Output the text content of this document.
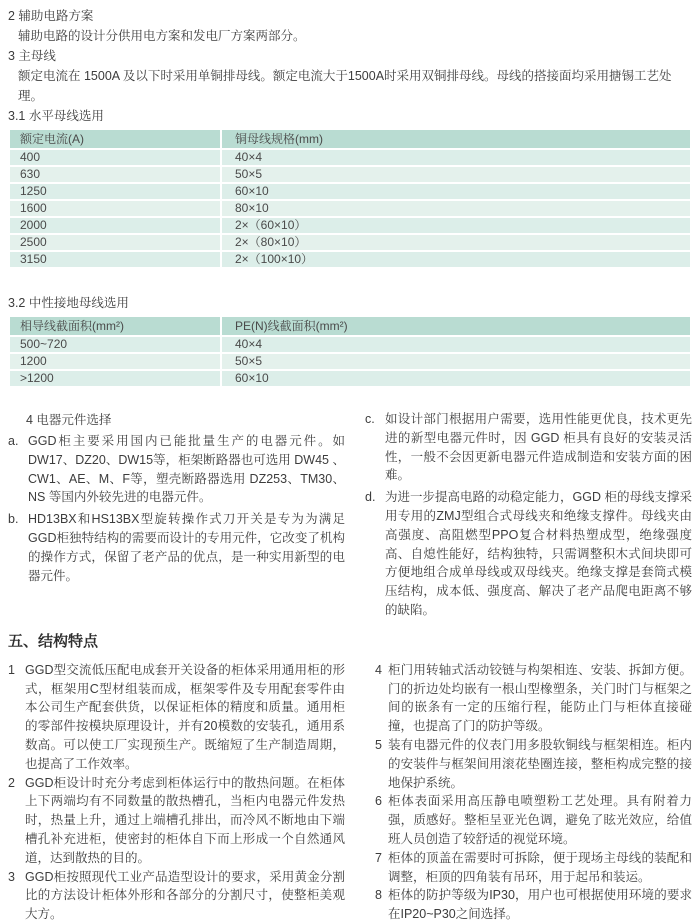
2 辅助电路方案

辅助电路的设计分供用电方案和发电厂方案两部分。

3 主母线

额定电流在 1500A 及以下时采用单铜排母线。额定电流大于1500A时采用双铜排母线。母线的搭接面均采用搪锡工艺处理。

3.1 水平母线选用

额定电流(A)	铜母线规格(mm)
400	40×4
630	50×5
1250	60×10
1600	80×10
2000	2×（60×10）
2500	2×（80×10）
3150	2×（100×10）

3.2 中性接地母线选用

相导线截面积(mm²)	PE(N)线截面积(mm²)
500~720	40×4
1200	50×5
>1200	60×10

4 电器元件选择

a. GGD柜主要采用国内已能批量生产的电器元件。如 DW17、DZ20、DW15等，柜架断路器也可选用 DW45 、CW1、AE、M、F等，塑壳断路器选用 DZ253、TM30、 NS 等国内外较先进的电器元件。
b. HD13BX和HS13BX型旋转操作式刀开关是专为为满足 GGD柜独特结构的需要而设计的专用元件，它改变了机构的操作方式，保留了老产品的优点，是一种实用新型的电器元件。
c. 如设计部门根据用户需要，选用性能更优良，技术更先进的新型电器元件时，因 GGD 柜具有良好的安装灵活性，一般不会因更新电器元件造成制造和安装方面的困难。
d. 为进一步提高电路的动稳定能力，GGD 柜的母线支撑采用专用的ZMJ型组合式母线夹和绝缘支撑件。母线夹由高强度、高阻燃型PPO复合材料热塑成型，绝缘强度高、自熄性能好，结构独特，只需调整积木式间块即可方便地组合成单母线或双母线夹。绝缘支撑是套筒式模压结构，成本低、强度高、解决了老产品爬电距离不够的缺陷。

五、结构特点

1 GGD型交流低压配电成套开关设备的柜体采用通用柜的形式，框架用C型材组装而成，框架零件及专用配套零件由本公司生产配套供货，以保证柜体的精度和质量。通用柜的零部件按模块原理设计，并有20模数的安装孔，通用系数高。可以使工厂实现预生产。既缩短了生产制造周期，也提高了工作效率。
2 GGD柜设计时充分考虑到柜体运行中的散热问题。在柜体上下两端均有不同数量的散热槽孔，当柜内电器元件发热时，热量上升，通过上端槽孔排出，而冷风不断地由下端槽孔补充进柜，使密封的柜体自下而上形成一个自然通风道，达到散热的目的。
3 GGD柜按照现代工业产品造型设计的要求，采用黄金分割比的方法设计柜体外形和各部分的分割尺寸，使整柜美观大方。
4 柜门用转轴式活动铰链与构架相连、安装、拆卸方便。门的折边处均嵌有一根山型橡塑条，关门时门与框架之间的嵌条有一定的压缩行程，能防止门与柜体直接碰撞，也提高了门的防护等级。
5 装有电器元件的仪表门用多股软铜线与框架相连。柜内的安装件与框架间用滚花垫圈连接，整柜构成完整的接地保护系统。
6 柜体表面采用高压静电喷塑粉工艺处理。具有附着力强，质感好。整柜呈亚光色调，避免了眩光效应，给值班人员创造了较舒适的视觉环境。
7 柜体的顶盖在需要时可拆除，便于现场主母线的装配和调整，柜顶的四角装有吊环，用于起吊和装运。
8 柜体的防护等级为IP30，用户也可根据使用环境的要求在IP20~P30之间选择。
